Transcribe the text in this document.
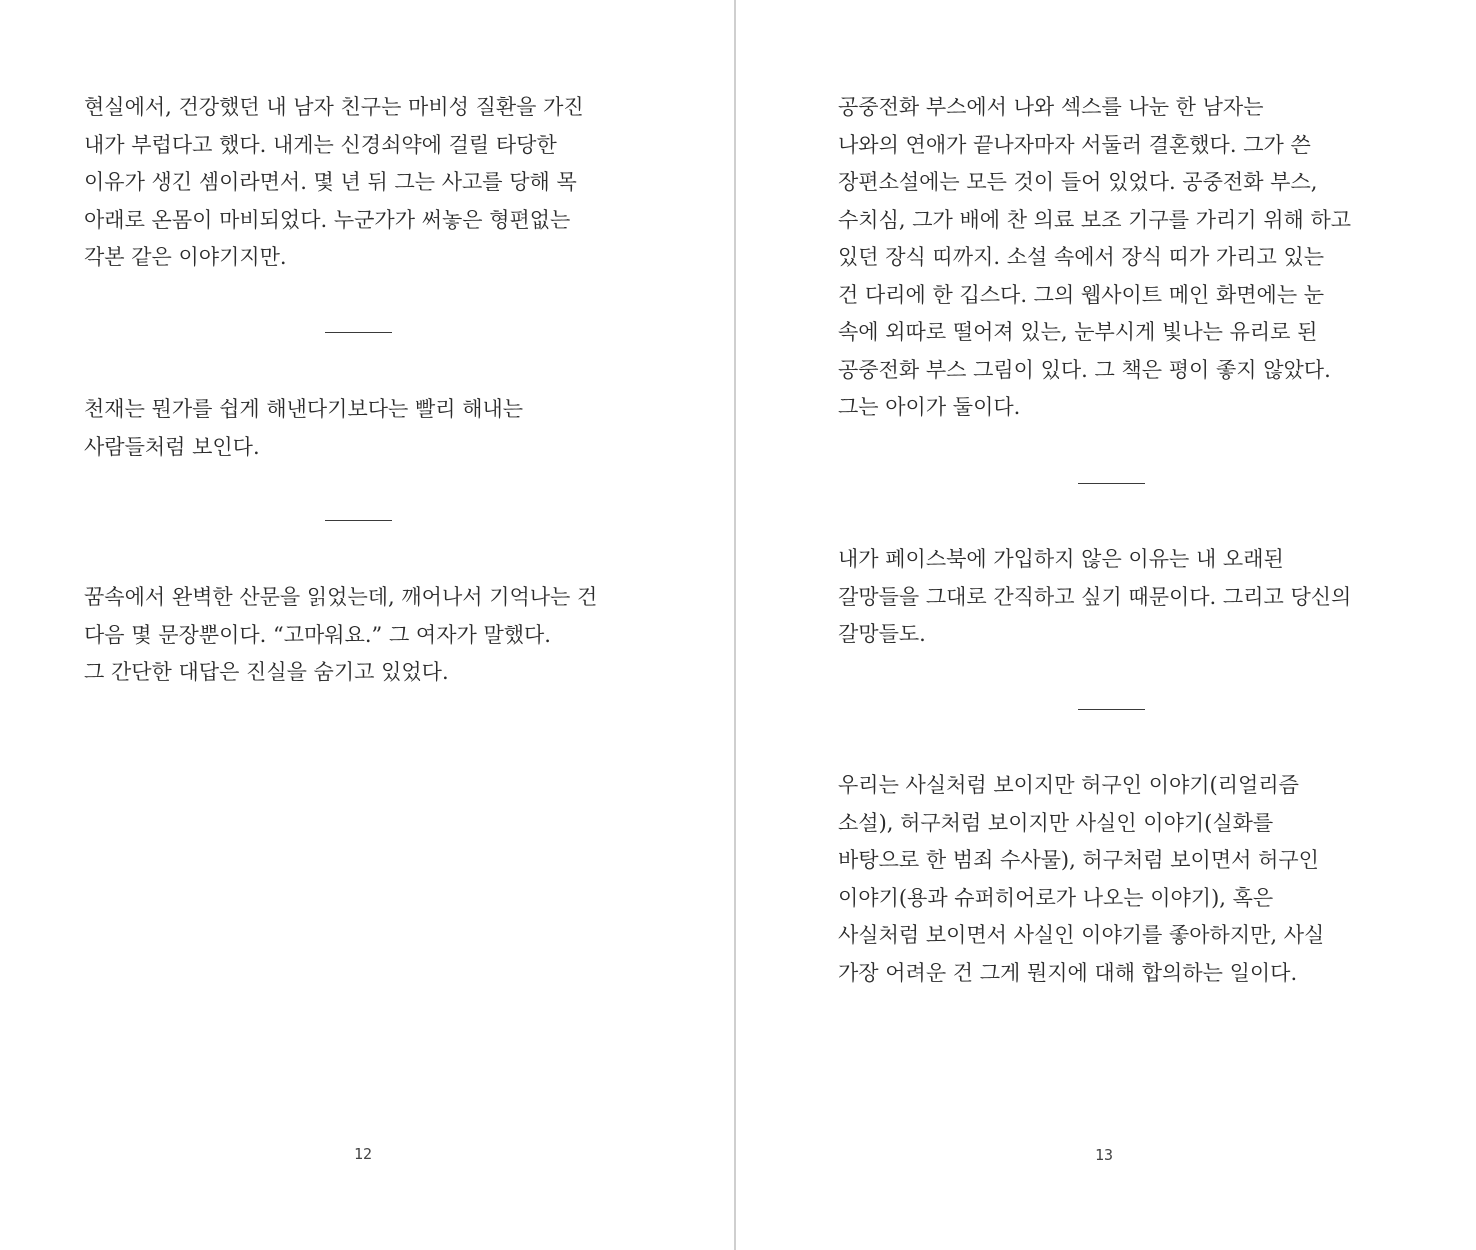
현실에서, 건강했던 내 남자 친구는 마비성 질환을 가진
내가 부럽다고 했다. 내게는 신경쇠약에 걸릴 타당한
이유가 생긴 셈이라면서. 몇 년 뒤 그는 사고를 당해 목
아래로 온몸이 마비되었다. 누군가가 써놓은 형편없는
각본 같은 이야기지만.

천재는 뭔가를 쉽게 해낸다기보다는 빨리 해내는
사람들처럼 보인다.

꿈속에서 완벽한 산문을 읽었는데, 깨어나서 기억나는 건
다음 몇 문장뿐이다. “고마워요.” 그 여자가 말했다.
그 간단한 대답은 진실을 숨기고 있었다.

12

공중전화 부스에서 나와 섹스를 나눈 한 남자는
나와의 연애가 끝나자마자 서둘러 결혼했다. 그가 쓴
장편소설에는 모든 것이 들어 있었다. 공중전화 부스,
수치심, 그가 배에 찬 의료 보조 기구를 가리기 위해 하고
있던 장식 띠까지. 소설 속에서 장식 띠가 가리고 있는
건 다리에 한 깁스다. 그의 웹사이트 메인 화면에는 눈
속에 외따로 떨어져 있는, 눈부시게 빛나는 유리로 된
공중전화 부스 그림이 있다. 그 책은 평이 좋지 않았다.
그는 아이가 둘이다.

내가 페이스북에 가입하지 않은 이유는 내 오래된
갈망들을 그대로 간직하고 싶기 때문이다. 그리고 당신의
갈망들도.

우리는 사실처럼 보이지만 허구인 이야기(리얼리즘
소설), 허구처럼 보이지만 사실인 이야기(실화를
바탕으로 한 범죄 수사물), 허구처럼 보이면서 허구인
이야기(용과 슈퍼히어로가 나오는 이야기), 혹은
사실처럼 보이면서 사실인 이야기를 좋아하지만, 사실
가장 어려운 건 그게 뭔지에 대해 합의하는 일이다.

13
